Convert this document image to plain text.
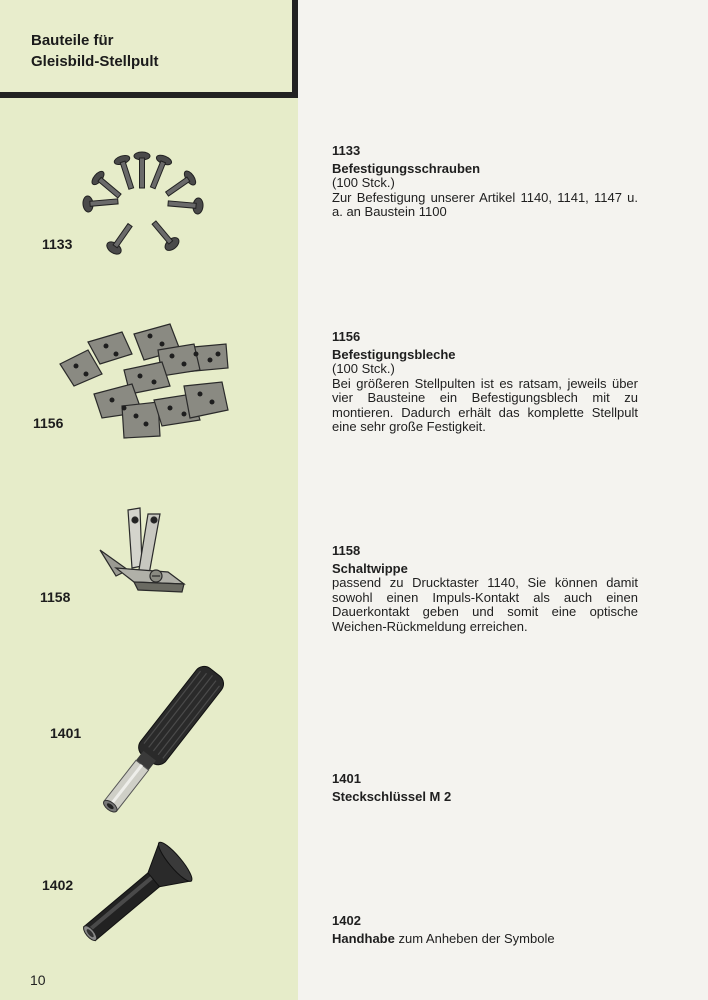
Bauteile für
Gleisbild-Stellpult
1133
1156
1158
1401
1402
1133
Befestigungsschrauben

(100 Stck.)

Zur Befestigung unserer Artikel 1140, 1141, 1147 u. a. an Baustein 1100

1156
Befestigungsbleche

(100 Stck.)

Bei größeren Stellpulten ist es ratsam, jeweils über vier Bausteine ein Befestigungsblech mit zu montieren. Dadurch erhält das komplette Stellpult eine sehr große Festigkeit.

1158
Schaltwippe

passend zu Drucktaster 1140, Sie können damit sowohl einen Impuls-Kontakt als auch einen Dauerkontakt geben und somit eine optische Weichen-Rückmeldung erreichen.

1401
Steckschlüssel M 2
1402

Handhabe zum Anheben der Symbole

10
